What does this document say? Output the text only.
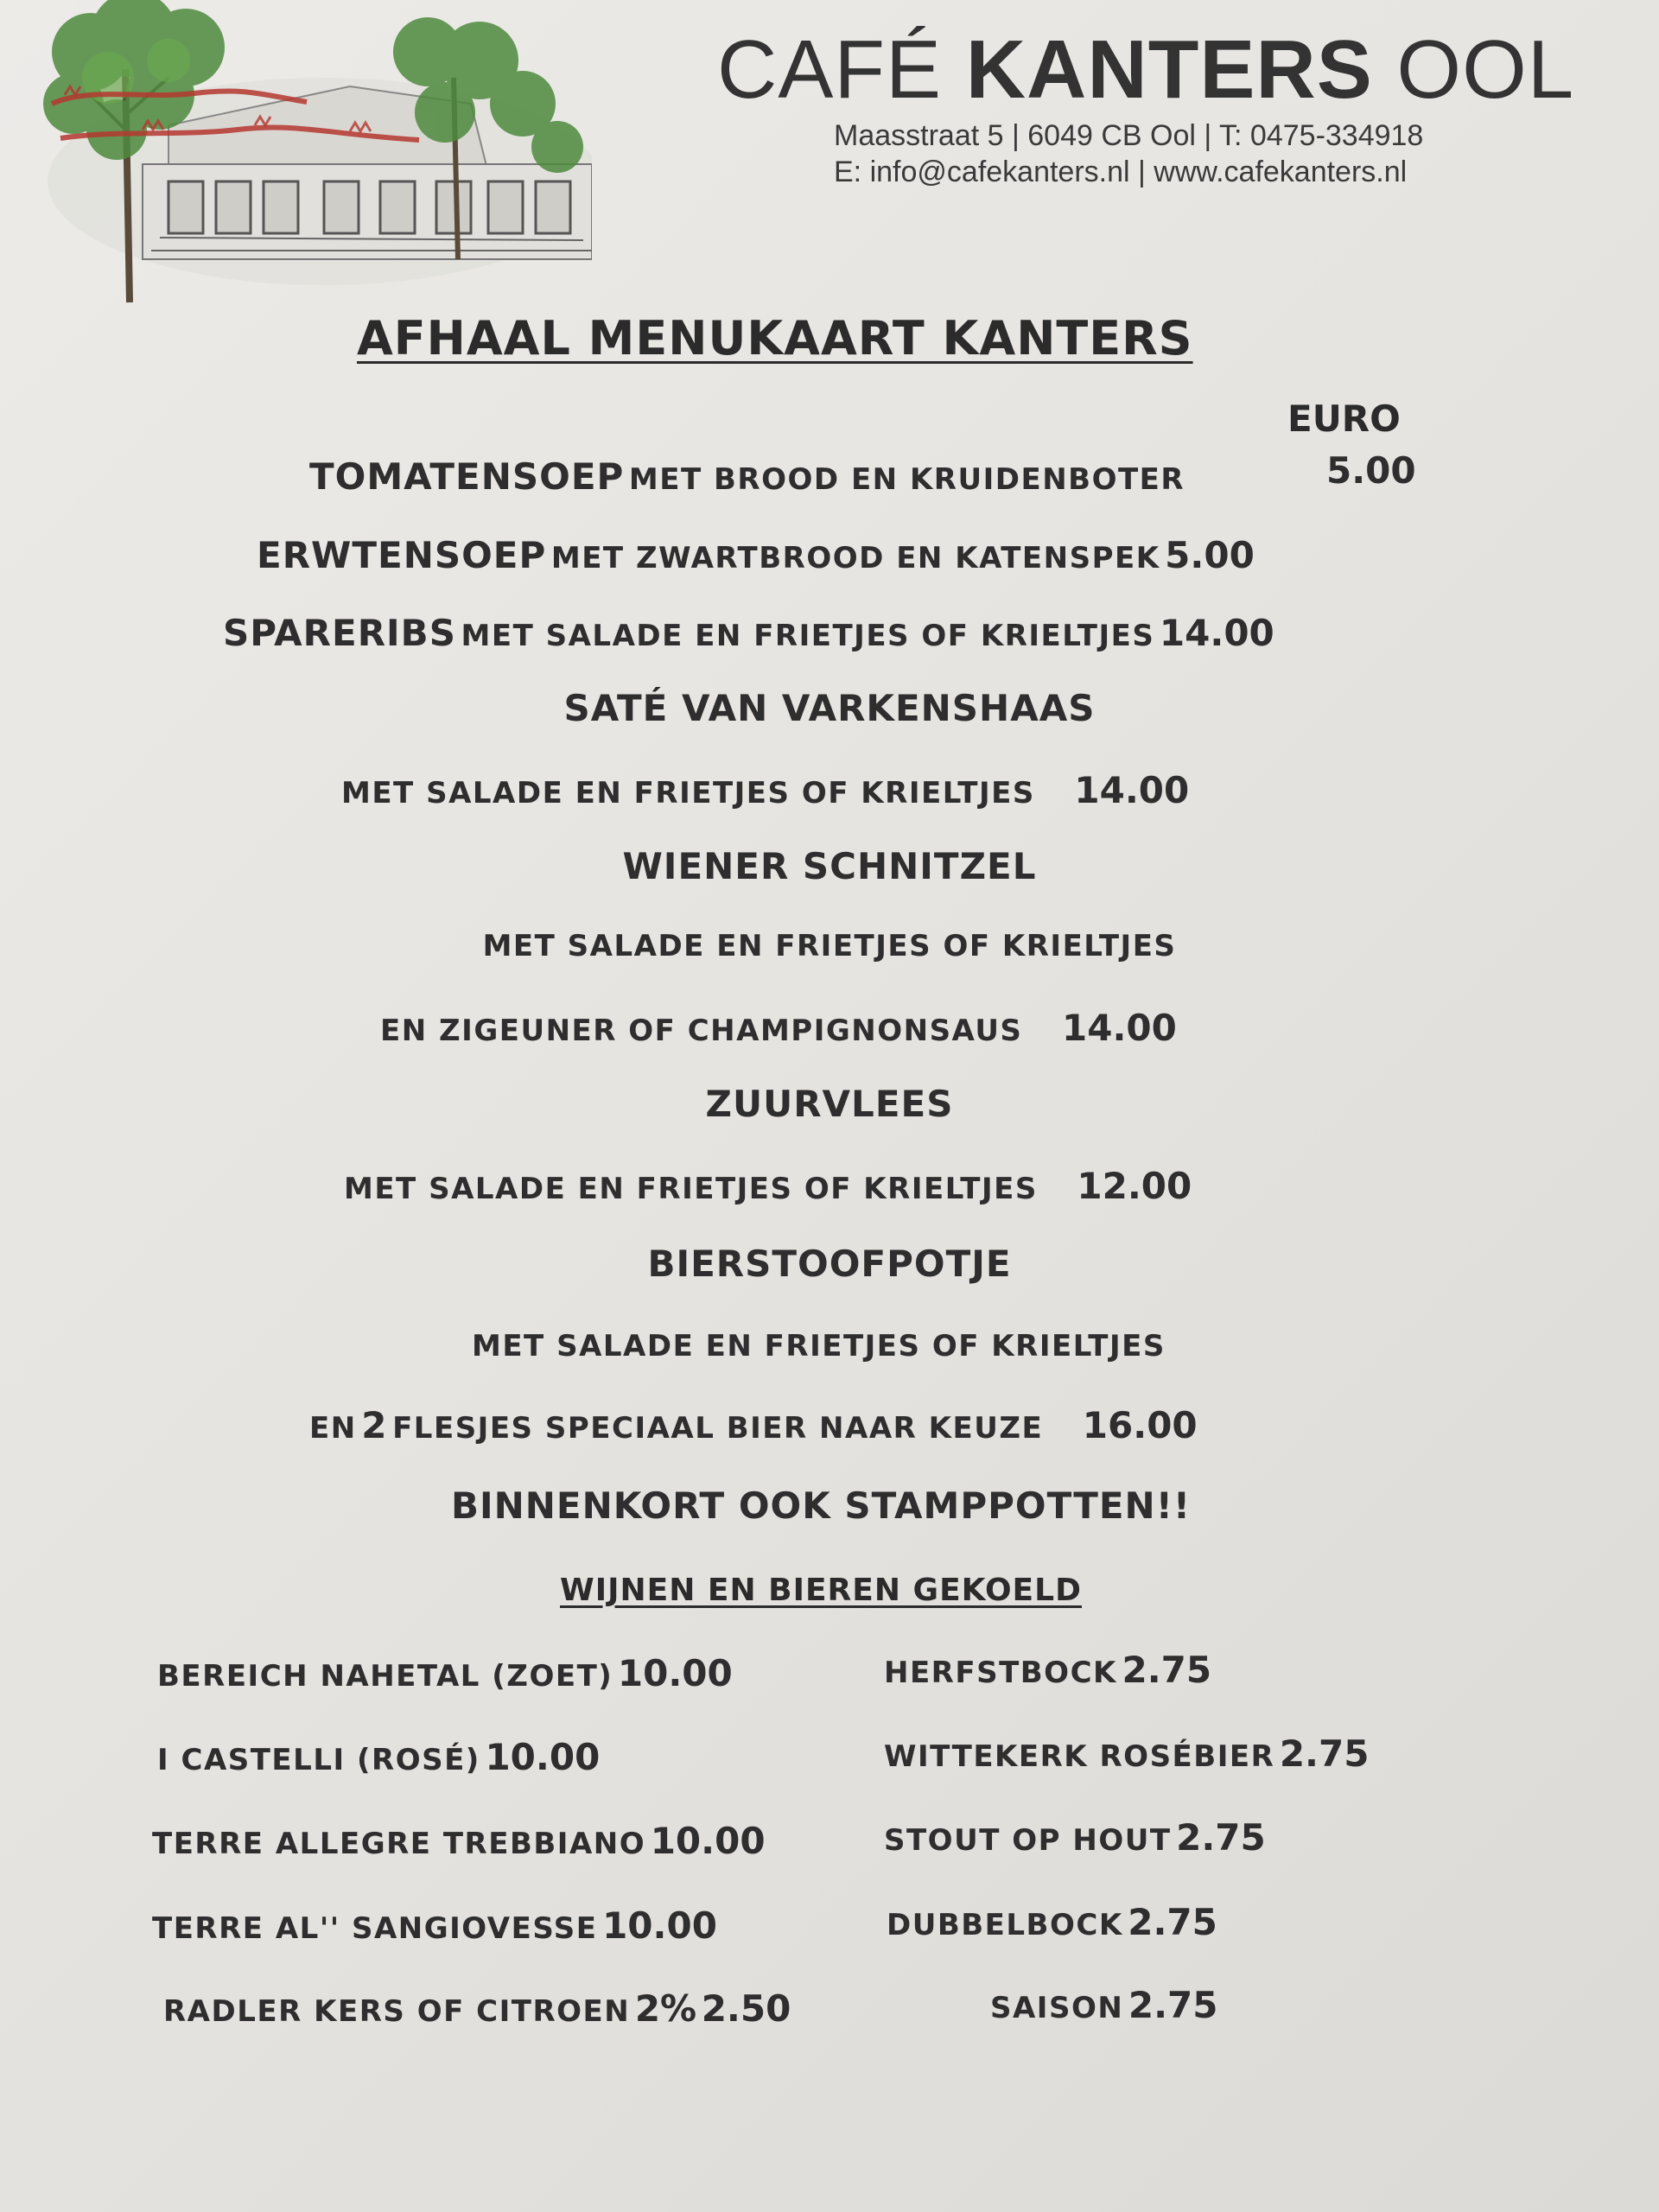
CAFÉ KANTERS OOL
Maasstraat 5 | 6049 CB Ool | T: 0475-334918
E: info@cafekanters.nl | www.cafekanters.nl
AFHAAL MENUKAART KANTERS
EURO
TOMATENSOEP MET BROOD EN KRUIDENBOTER	5.00
ERWTENSOEP MET ZWARTBROOD EN KATENSPEK 5.00
SPARERIBS MET SALADE EN FRIETJES OF KRIELTJES 14.00
SATÉ VAN VARKENSHAAS
MET SALADE EN FRIETJES OF KRIELTJES 14.00
WIENER SCHNITZEL
MET SALADE EN FRIETJES OF KRIELTJES
EN ZIGEUNER OF CHAMPIGNONSAUS 14.00
ZUURVLEES
MET SALADE EN FRIETJES OF KRIELTJES 12.00
BIERSTOOFPOTJE
MET SALADE EN FRIETJES OF KRIELTJES
EN 2 FLESJES SPECIAAL BIER NAAR KEUZE 16.00
BINNENKORT OOK STAMPPOTTEN!!
WIJNEN EN BIEREN GEKOELD
BEREICH NAHETAL (ZOET) 10.00
I CASTELLI (ROSÉ) 10.00
TERRE ALLEGRE TREBBIANO 10.00
TERRE AL'' SANGIOVESSE 10.00
RADLER KERS OF CITROEN 2% 2.50
HERFSTBOCK 2.75
WITTEKERK ROSÉBIER 2.75
STOUT OP HOUT 2.75
DUBBELBOCK 2.75
SAISON 2.75
